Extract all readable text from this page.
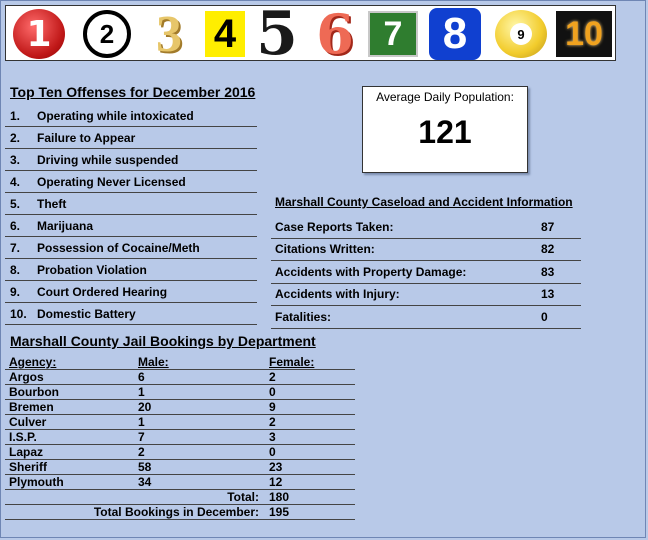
1 2 3 4 5 6 7 8	9 10
Top Ten Offenses for December 2016
1.	Operating while intoxicated
2.	Failure to Appear
3.	Driving while suspended
4.	Operating Never Licensed
5.	Theft
6.	Marijuana
7.	Possession of Cocaine/Meth
8.	Probation Violation
9.	Court Ordered Hearing
10. Domestic Battery
Average Daily Population:
121
Marshall County Caseload and Accident Information
Case Reports Taken:	87
Citations Written:	82
Accidents with Property Damage:	83
Accidents with Injury:	13
Fatalities:	0
Marshall County Jail Bookings by Department
Agency:	Male:	Female:
Argos	6	2
Bourbon	1	0
Bremen	20	9
Culver	1	2
I.S.P.	7	3
Lapaz	2	0
Sheriff	58	23
Plymouth	34	12
Total: 180
Total Bookings in December: 195
